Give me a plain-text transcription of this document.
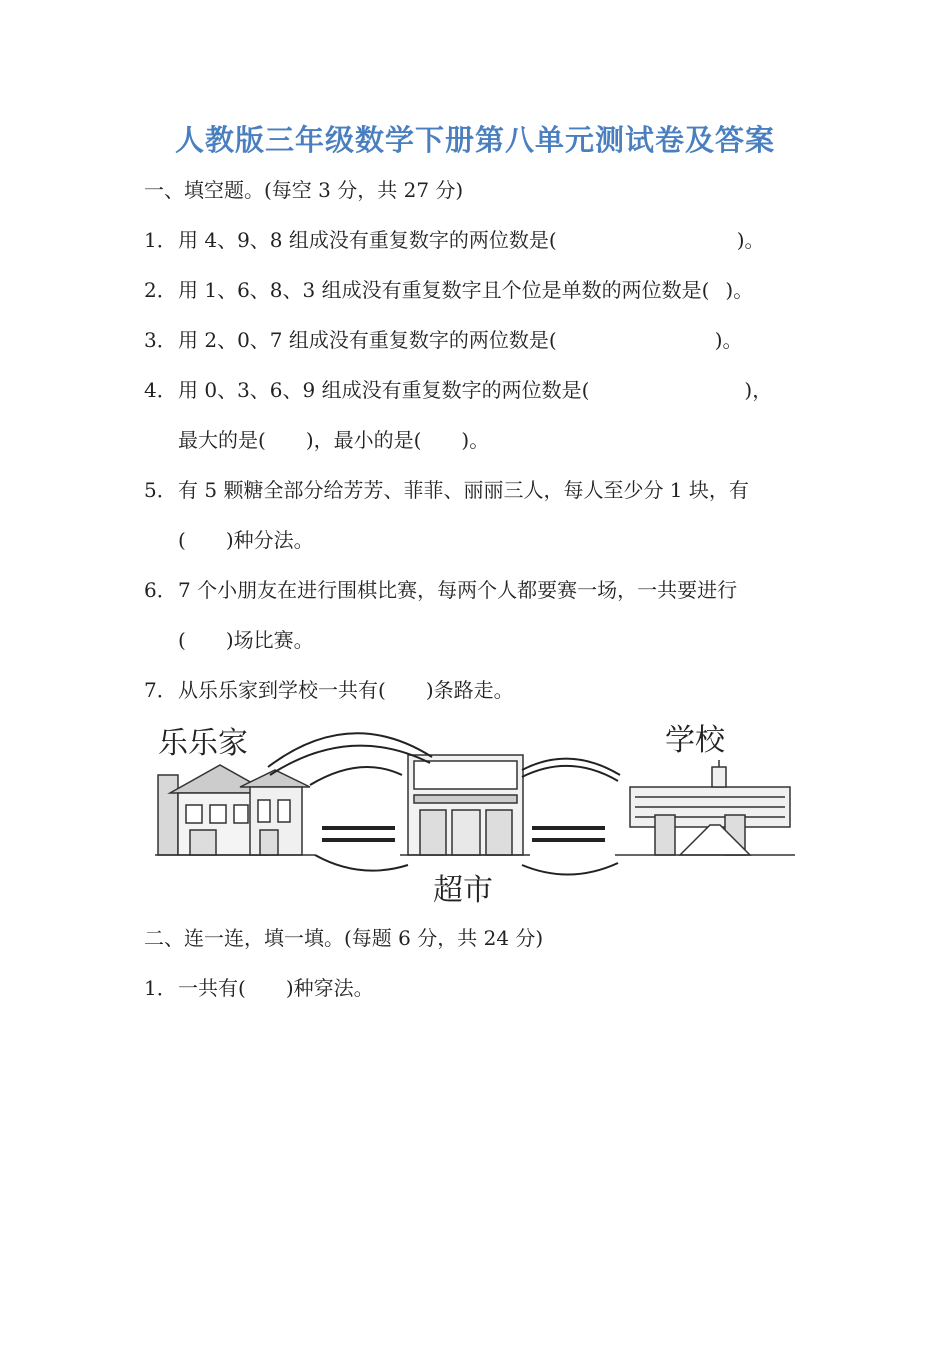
人教版三年级数学下册第八单元测试卷及答案
一、填空题。(每空 3 分，共 27 分)
1．用 4、9、8 组成没有重复数字的两位数是(	)。
2．用 1、6、8、3 组成没有重复数字且个位是单数的两位数是( )。
3．用 2、0、7 组成没有重复数字的两位数是(	)。
4．用 0、3、6、9 组成没有重复数字的两位数是(	)，
最大的是( )，最小的是( )。
5．有 5 颗糖全部分给芳芳、菲菲、丽丽三人，每人至少分 1 块，有
( )种分法。
6．7 个小朋友在进行围棋比赛，每两个人都要赛一场，一共要进行
( )场比赛。
7．从乐乐家到学校一共有( )条路走。
乐乐家	学校
超市
二、连一连，填一填。(每题 6 分，共 24 分)
1．一共有( )种穿法。
